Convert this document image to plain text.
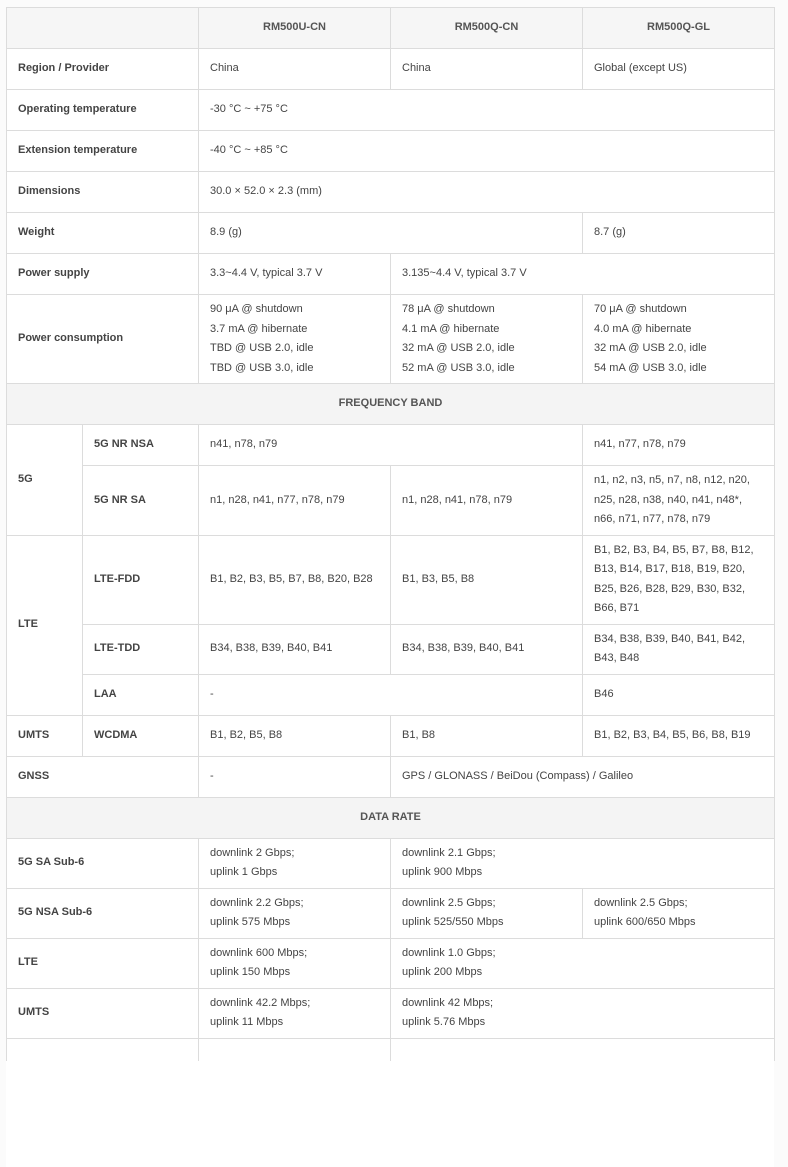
		RM500U-CN	RM500Q-CN	RM500Q-GL
Region / Provider		China	China	Global (except US)
Operating temperature		-30 °C ~ +75 °C		
Extension temperature		-40 °C ~ +85 °C		
Dimensions		30.0 × 52.0 × 2.3 (mm)		
Weight		8.9 (g)		8.7 (g)
Power supply		3.3~4.4 V, typical 3.7 V	3.135~4.4 V, typical 3.7 V	
Power consumption		90 μA @ shutdown
3.7 mA @ hibernate
TBD @ USB 2.0, idle
TBD @ USB 3.0, idle	78 μA @ shutdown
4.1 mA @ hibernate
32 mA @ USB 2.0, idle
52 mA @ USB 3.0, idle	70 μA @ shutdown
4.0 mA @ hibernate
32 mA @ USB 2.0, idle
54 mA @ USB 3.0, idle

FREQUENCY BAND				
5G	5G NR NSA	n41, n78, n79		n41, n77, n78, n79
	5G NR SA	n1, n28, n41, n77, n78, n79	n1, n28, n41, n78, n79	n1, n2, n3, n5, n7, n8, n12, n20,
n25, n28, n38, n40, n41, n48*,
n66, n71, n77, n78, n79

LTE	LTE-FDD	B1, B2, B3, B5, B7, B8, B20, B28	B1, B3, B5, B8	B1, B2, B3, B4, B5, B7, B8, B12,
B13, B14, B17, B18, B19, B20,
B25, B26, B28, B29, B30, B32,
B66, B71

	LTE-TDD	B34, B38, B39, B40, B41	B34, B38, B39, B40, B41	B34, B38, B39, B40, B41, B42,
B43, B48

	LAA	-		B46
UMTS	WCDMA	B1, B2, B5, B8	B1, B8	B1, B2, B3, B4, B5, B6, B8, B19
GNSS		-	GPS / GLONASS / BeiDou (Compass) / Galileo	
DATA RATE				
5G SA Sub-6		downlink 2 Gbps;
uplink 1 Gbps	downlink 2.1 Gbps;
uplink 900 Mbps	

5G NSA Sub-6		downlink 2.2 Gbps;
uplink 575 Mbps	downlink 2.5 Gbps;
uplink 525/550 Mbps	downlink 2.5 Gbps;
uplink 600/650 Mbps

LTE		downlink 600 Mbps;
uplink 150 Mbps	downlink 1.0 Gbps;
uplink 200 Mbps	

UMTS		downlink 42.2 Mbps;
uplink 11 Mbps	downlink 42 Mbps;
uplink 5.76 Mbps	
